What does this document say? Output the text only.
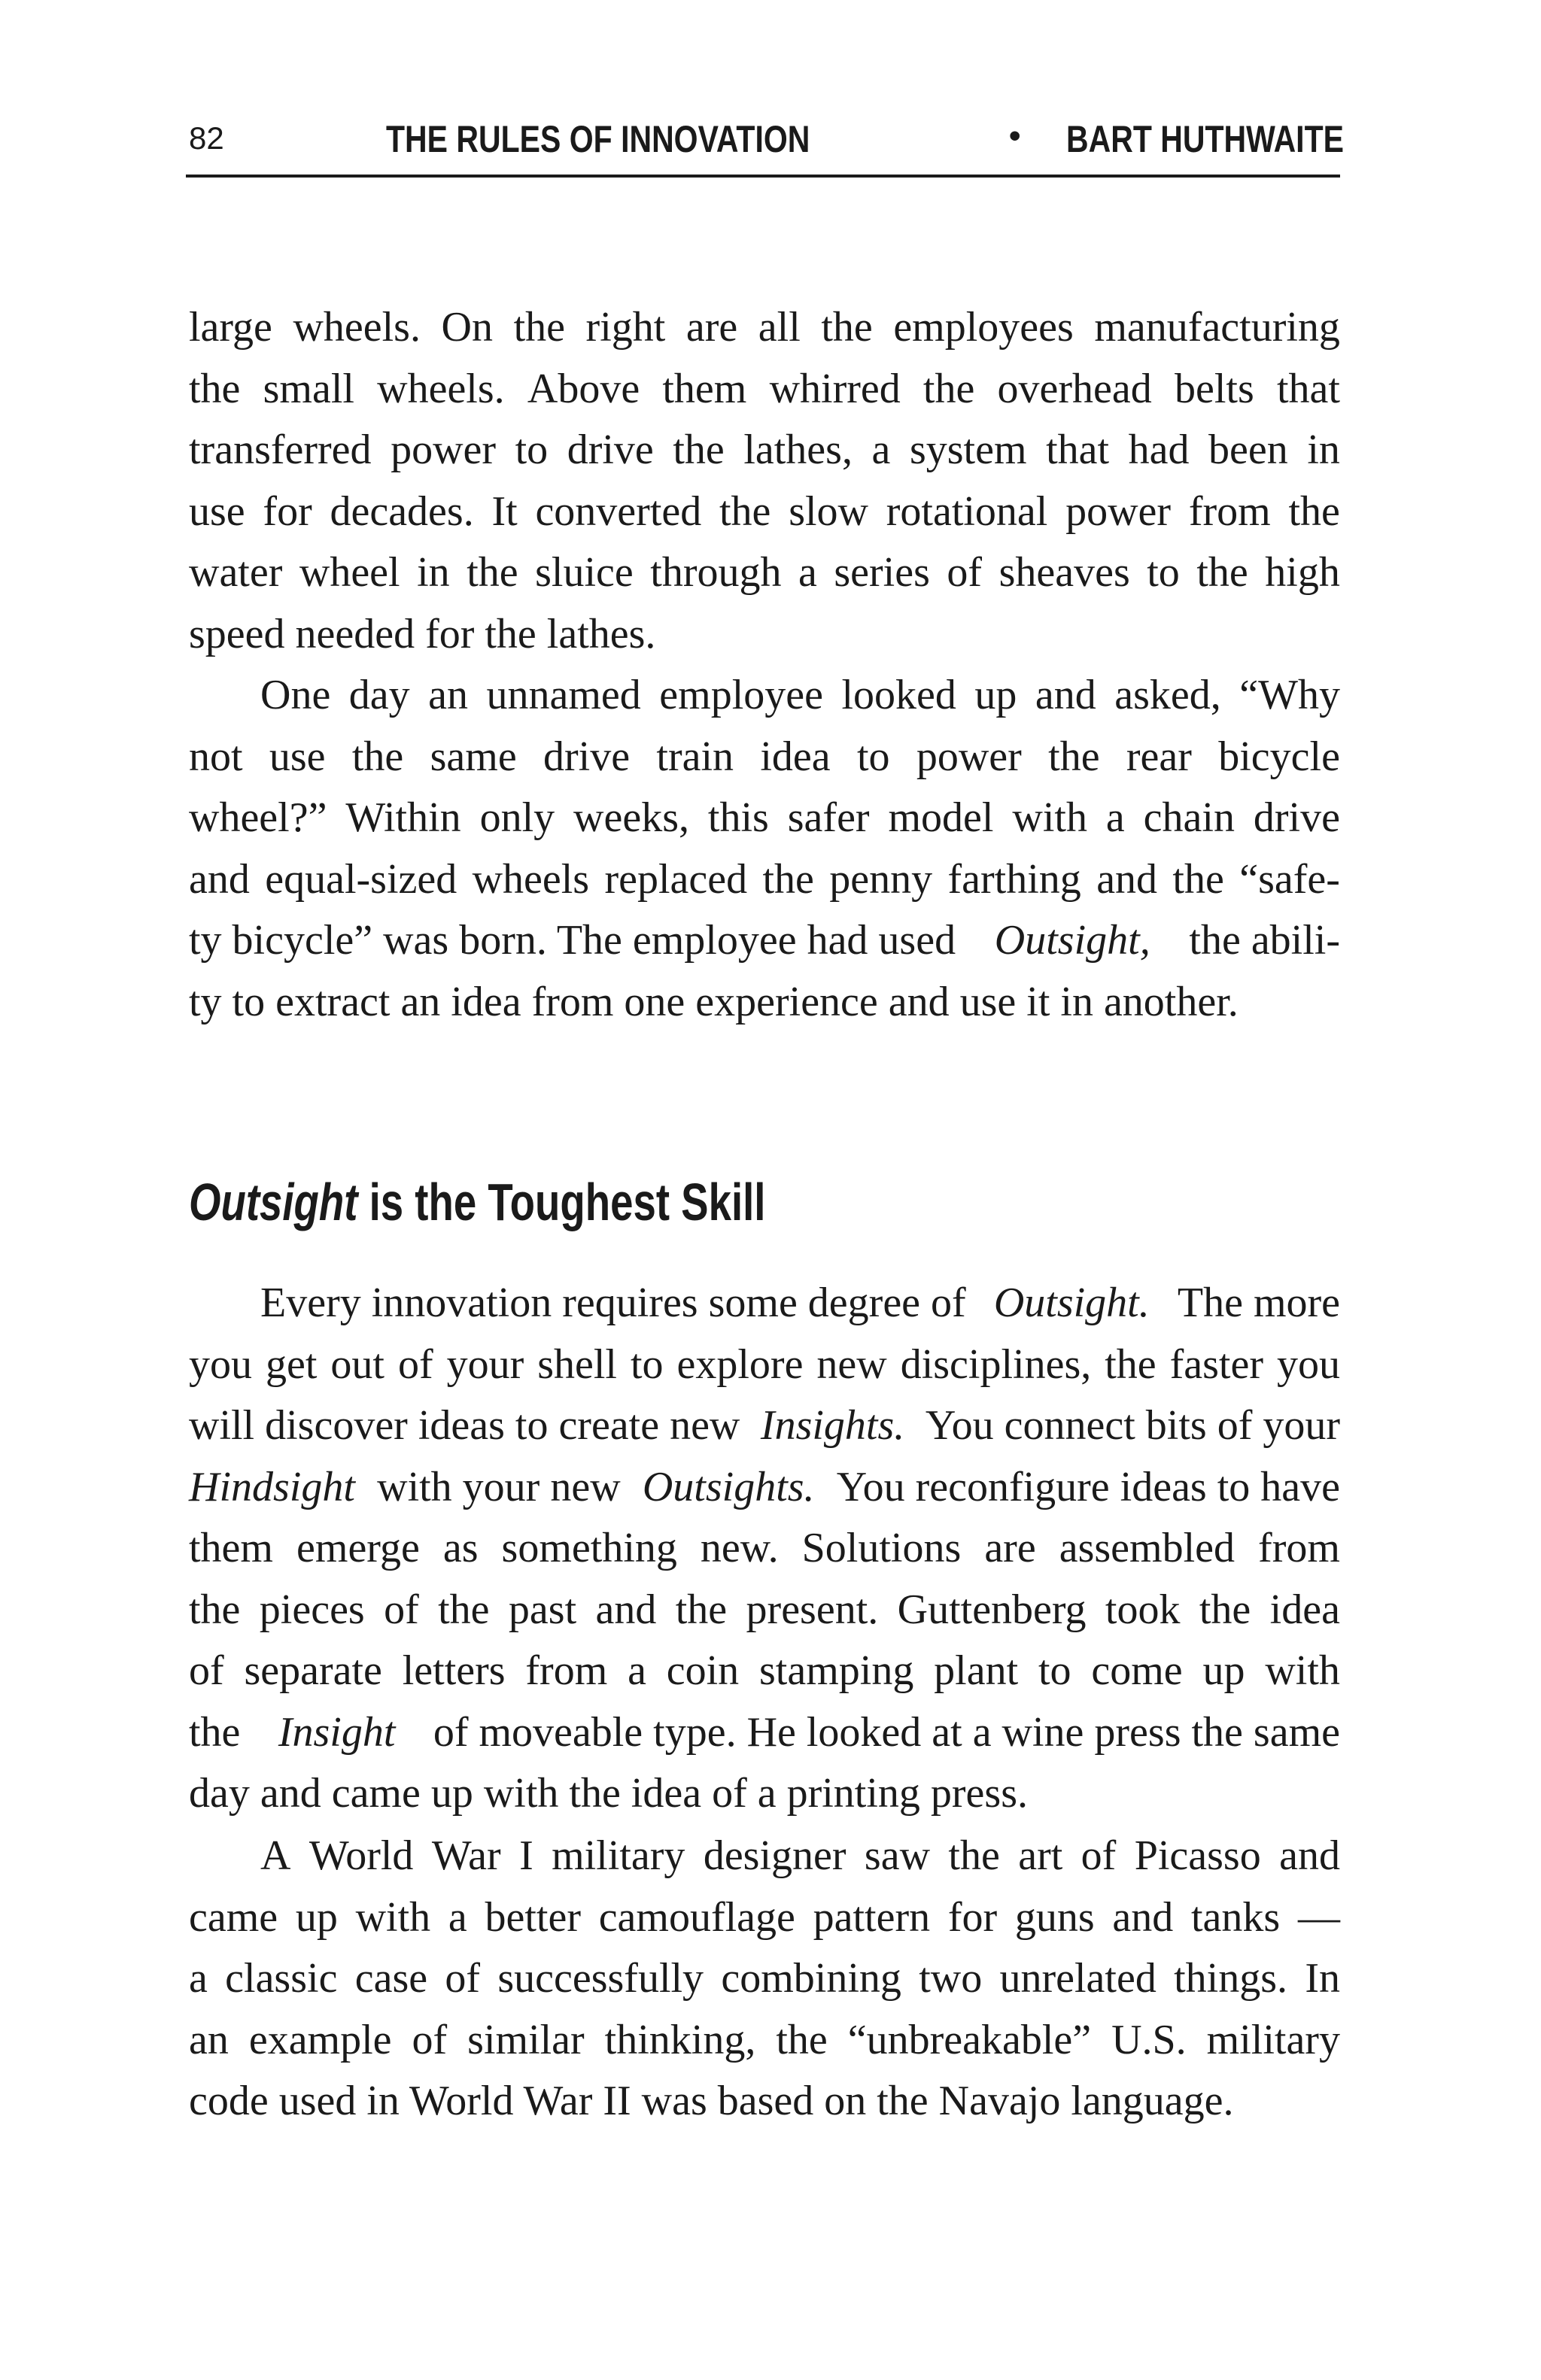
82	THE RULES OF INNOVATION	• BART HUTHWAITE
large wheels. On the right are all the employees manufacturing
the small wheels. Above them whirred the overhead belts that
transferred power to drive the lathes, a system that had been in
use for decades. It converted the slow rotational power from the
water wheel in the sluice through a series of sheaves to the high
speed needed for the lathes.
One day an unnamed employee looked up and asked, “Why
not use the same drive train idea to power the rear bicycle
wheel?” Within only weeks, this safer model with a chain drive
and equal-sized wheels replaced the penny farthing and the “safe-
ty bicycle” was born. The employee had used Outsight, the abili-
ty to extract an idea from one experience and use it in another.
Outsight is the Toughest Skill
Every innovation requires some degree of Outsight. The more
you get out of your shell to explore new disciplines, the faster you
will discover ideas to create new Insights. You connect bits of your
Hindsight with your new Outsights. You reconfigure ideas to have
them emerge as something new. Solutions are assembled from
the pieces of the past and the present. Guttenberg took the idea
of separate letters from a coin stamping plant to come up with
the Insight of moveable type. He looked at a wine press the same
day and came up with the idea of a printing press.
A World War I military designer saw the art of Picasso and
came up with a better camouflage pattern for guns and tanks —
a classic case of successfully combining two unrelated things. In
an example of similar thinking, the “unbreakable” U.S. military
code used in World War II was based on the Navajo language.
